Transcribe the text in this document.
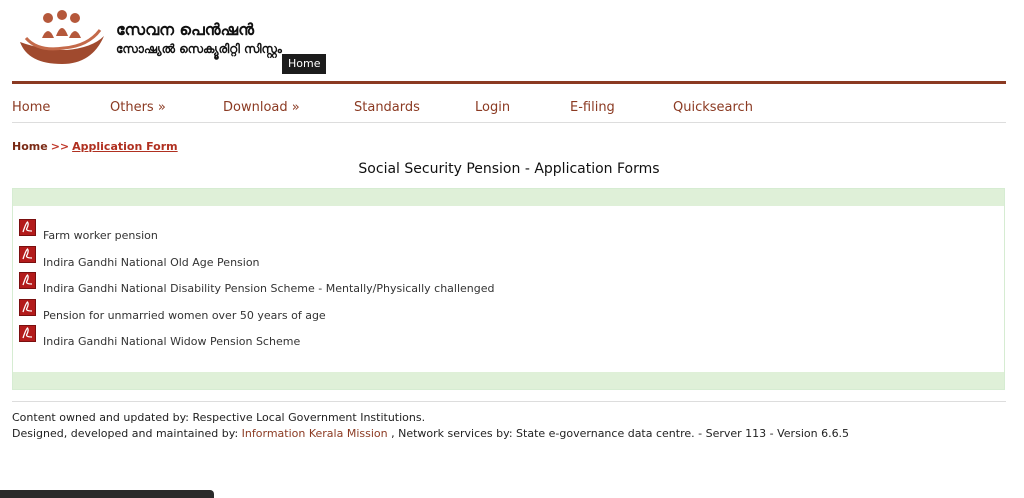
സേവന പെൻഷൻ
സോഷ്യൽ സെക്യൂരിറ്റി സിസ്റ്റം
Home
Home	Others »	Download »	Standards	Login	E-filing	Quicksearch
Home >> Application Form
Social Security Pension - Application Forms
Farm worker pension
Indira Gandhi National Old Age Pension
Indira Gandhi National Disability Pension Scheme - Mentally/Physically challenged
Pension for unmarried women over 50 years of age
Indira Gandhi National Widow Pension Scheme
Content owned and updated by: Respective Local Government Institutions.
Designed, developed and maintained by: Information Kerala Mission , Network services by: State e-governance data centre. - Server 113 - Version 6.6.5
